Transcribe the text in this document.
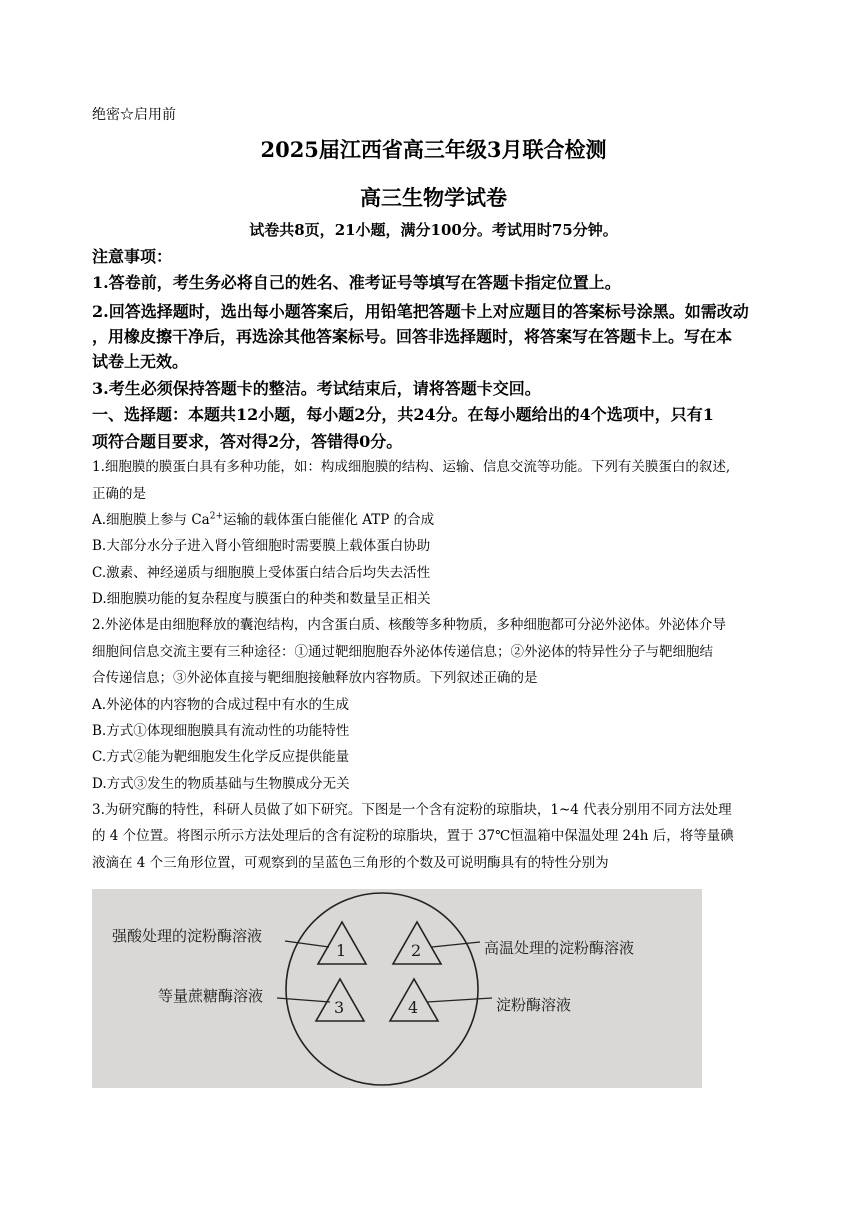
绝密☆启用前
2025届江西省高三年级3月联合检测
高三生物学试卷
试卷共8页，21小题，满分100分。考试用时75分钟。
注意事项：
1.答卷前，考生务必将自己的姓名、准考证号等填写在答题卡指定位置上。
2.回答选择题时，选出每小题答案后，用铅笔把答题卡上对应题目的答案标号涂黑。如需改动
，用橡皮擦干净后，再选涂其他答案标号。回答非选择题时，将答案写在答题卡上。写在本
试卷上无效。
3.考生必须保持答题卡的整洁。考试结束后，请将答题卡交回。
一、选择题：本题共12小题，每小题2分，共24分。在每小题给出的4个选项中，只有1
项符合题目要求，答对得2分，答错得0分。
1.细胞膜的膜蛋白具有多种功能，如：构成细胞膜的结构、运输、信息交流等功能。下列有关膜蛋白的叙述,
正确的是
A.细胞膜上参与 $Ca^{2+}$运输的载体蛋白能催化 ATP 的合成
B.大部分水分子进入肾小管细胞时需要膜上载体蛋白协助
C.激素、神经递质与细胞膜上受体蛋白结合后均失去活性
D.细胞膜功能的复杂程度与膜蛋白的种类和数量呈正相关
2.外泌体是由细胞释放的囊泡结构，内含蛋白质、核酸等多种物质，多种细胞都可分泌外泌体。外泌体介导
细胞间信息交流主要有三种途径：①通过靶细胞胞吞外泌体传递信息；②外泌体的特异性分子与靶细胞结
合传递信息；③外泌体直接与靶细胞接触释放内容物质。下列叙述正确的是
A.外泌体的内容物的合成过程中有水的生成
B.方式①体现细胞膜具有流动性的功能特性
C.方式②能为靶细胞发生化学反应提供能量
D.方式③发生的物质基础与生物膜成分无关
3.为研究酶的特性，科研人员做了如下研究。下图是一个含有淀粉的琼脂块，1~4 代表分别用不同方法处理
的 4 个位置。将图示所示方法处理后的含有淀粉的琼脂块，置于 37℃恒温箱中保温处理 24h 后，将等量碘
液滴在 4 个三角形位置，可观察到的呈蓝色三角形的个数及可说明酶具有的特性分别为
1	2
3	4
强酸处理的淀粉酶溶液
高温处理的淀粉酶溶液
等量蔗糖酶溶液	淀粉酶溶液
